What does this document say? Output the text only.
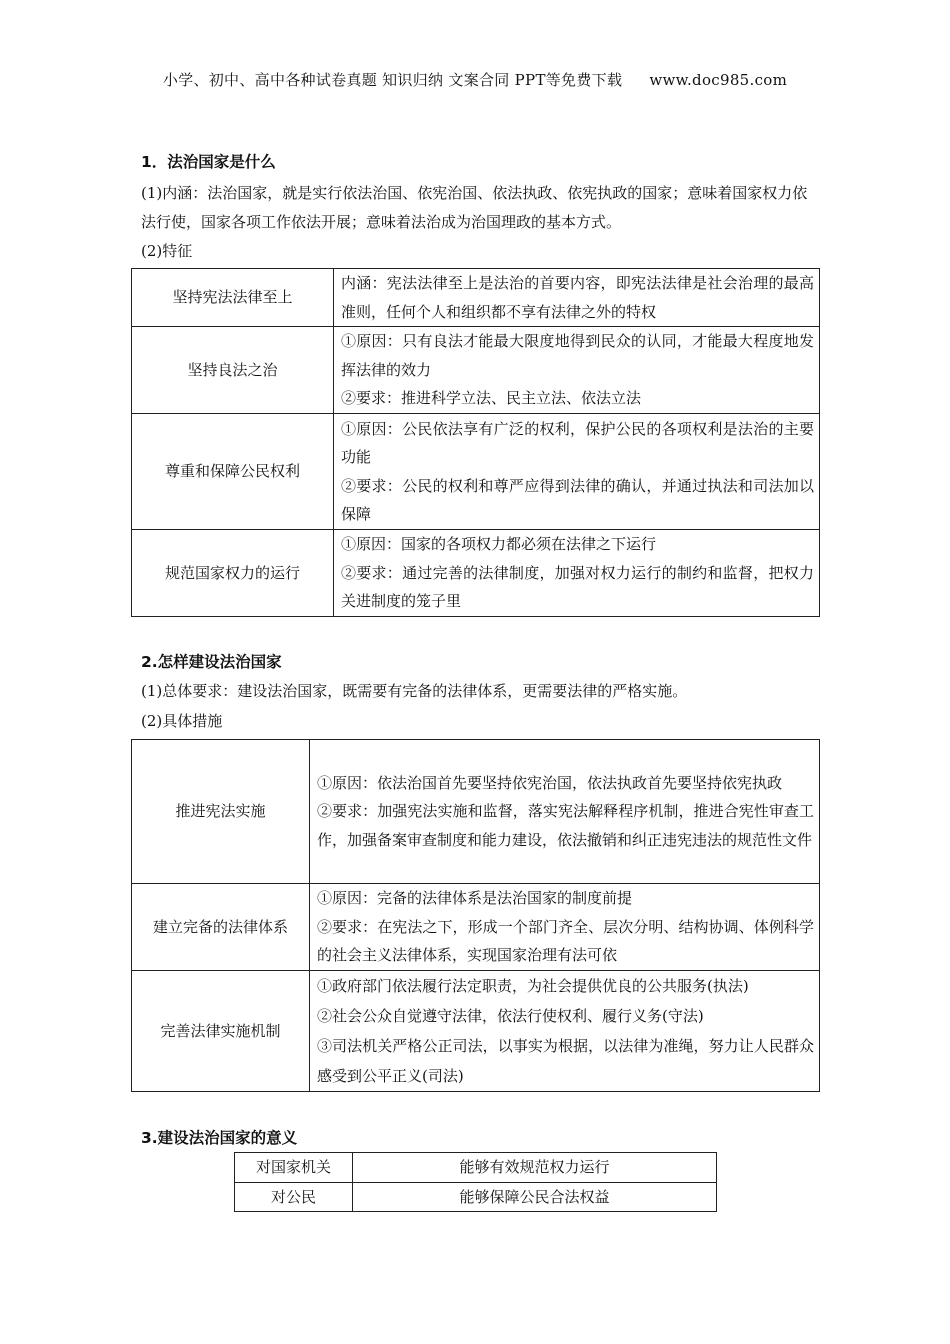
小学、初中、高中各种试卷真题 知识归纳 文案合同 PPT等免费下载 www.doc985.com
1．法治国家是什么
(1)内涵：法治国家，就是实行依法治国、依宪治国、依法执政、依宪执政的国家；意味着国家权力依法行使，国家各项工作依法开展；意味着法治成为治国理政的基本方式。
(2)特征
坚持宪法法律至上	内涵：宪法法律至上是法治的首要内容，即宪法法律是社会治理的最高准则，任何个人和组织都不享有法律之外的特权

坚持良法之治	①原因：只有良法才能最大限度地得到民众的认同，才能最大程度地发挥法律的效力
②要求：推进科学立法、民主立法、依法立法

尊重和保障公民权利	①原因：公民依法享有广泛的权利，保护公民的各项权利是法治的主要功能
②要求：公民的权利和尊严应得到法律的确认，并通过执法和司法加以保障

规范国家权力的运行	①原因：国家的各项权力都必须在法律之下运行
②要求：通过完善的法律制度，加强对权力运行的制约和监督，把权力关进制度的笼子里
2.怎样建设法治国家
(1)总体要求：建设法治国家，既需要有完备的法律体系，更需要法律的严格实施。
(2)具体措施
推进宪法实施	①原因：依法治国首先要坚持依宪治国，依法执政首先要坚持依宪执政
②要求：加强宪法实施和监督，落实宪法解释程序机制，推进合宪性审查工作，加强备案审查制度和能力建设，依法撤销和纠正违宪违法的规范性文件

建立完备的法律体系	①原因：完备的法律体系是法治国家的制度前提
②要求：在宪法之下，形成一个部门齐全、层次分明、结构协调、体例科学的社会主义法律体系，实现国家治理有法可依

完善法律实施机制	①政府部门依法履行法定职责，为社会提供优良的公共服务(执法)
②社会公众自觉遵守法律，依法行使权利、履行义务(守法)
③司法机关严格公正司法，以事实为根据，以法律为准绳，努力让人民群众感受到公平正义(司法)
3.建设法治国家的意义
对国家机关	能够有效规范权力运行
对公民	能够保障公民合法权益
